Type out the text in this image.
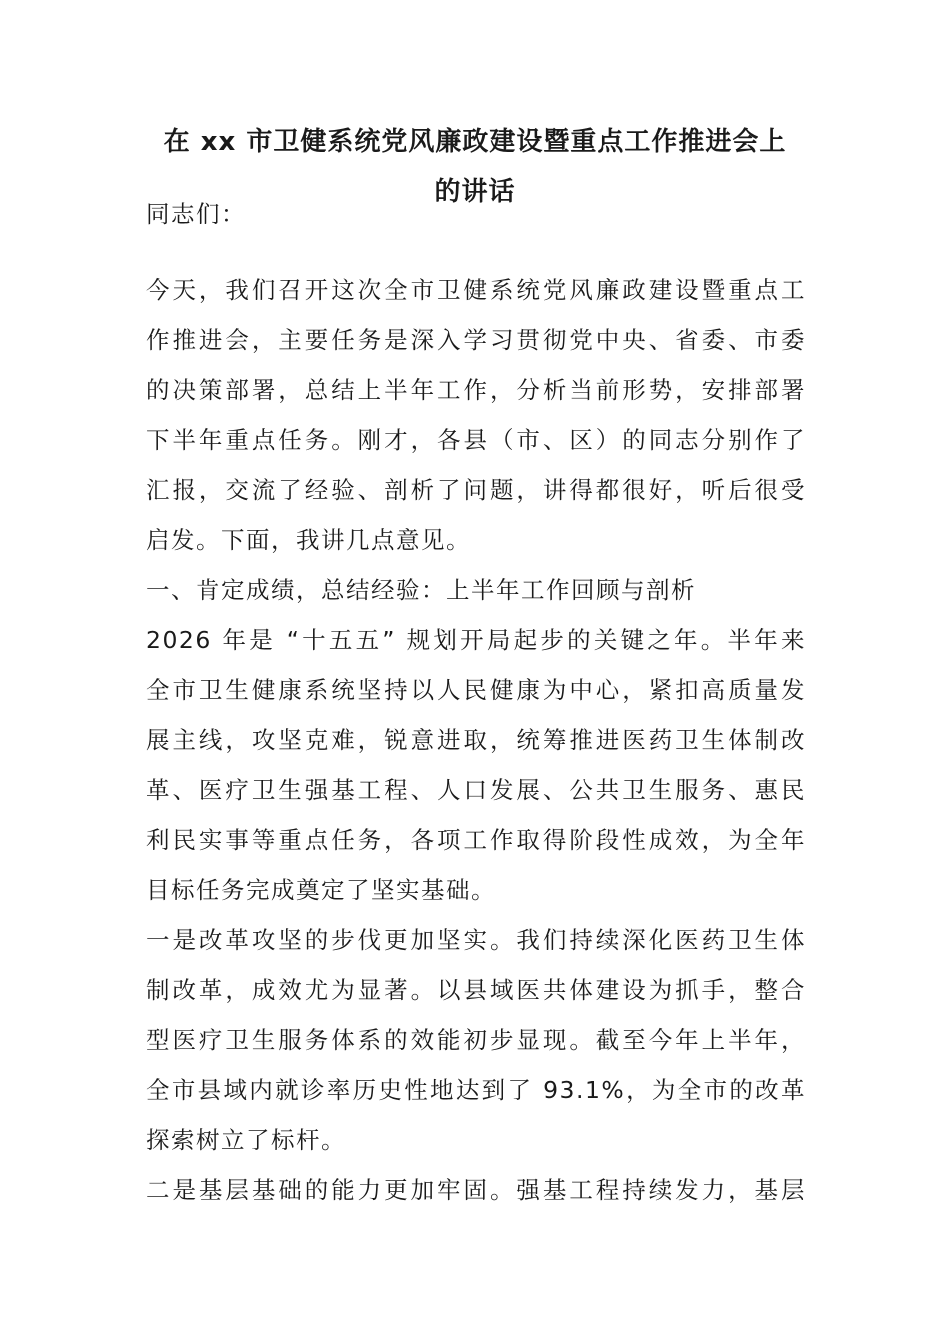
在 xx 市卫健系统党风廉政建设暨重点工作推进会上
的讲话
同志们：
今天，我们召开这次全市卫健系统党风廉政建设暨重点工
作推进会，主要任务是深入学习贯彻党中央、省委、市委
的决策部署，总结上半年工作，分析当前形势，安排部署
下半年重点任务。刚才，各县（市、区）的同志分别作了
汇报，交流了经验、剖析了问题，讲得都很好，听后很受
启发。下面，我讲几点意见。
一、肯定成绩，总结经验：上半年工作回顾与剖析
2026 年是 “十五五” 规划开局起步的关键之年。半年来
全市卫生健康系统坚持以人民健康为中心，紧扣高质量发
展主线，攻坚克难，锐意进取，统筹推进医药卫生体制改
革、医疗卫生强基工程、人口发展、公共卫生服务、惠民
利民实事等重点任务，各项工作取得阶段性成效，为全年
目标任务完成奠定了坚实基础。
一是改革攻坚的步伐更加坚实。我们持续深化医药卫生体
制改革，成效尤为显著。以县域医共体建设为抓手，整合
型医疗卫生服务体系的效能初步显现。截至今年上半年，
全市县域内就诊率历史性地达到了 93.1%，为全市的改革
探索树立了标杆。
二是基层基础的能力更加牢固。强基工程持续发力，基层
